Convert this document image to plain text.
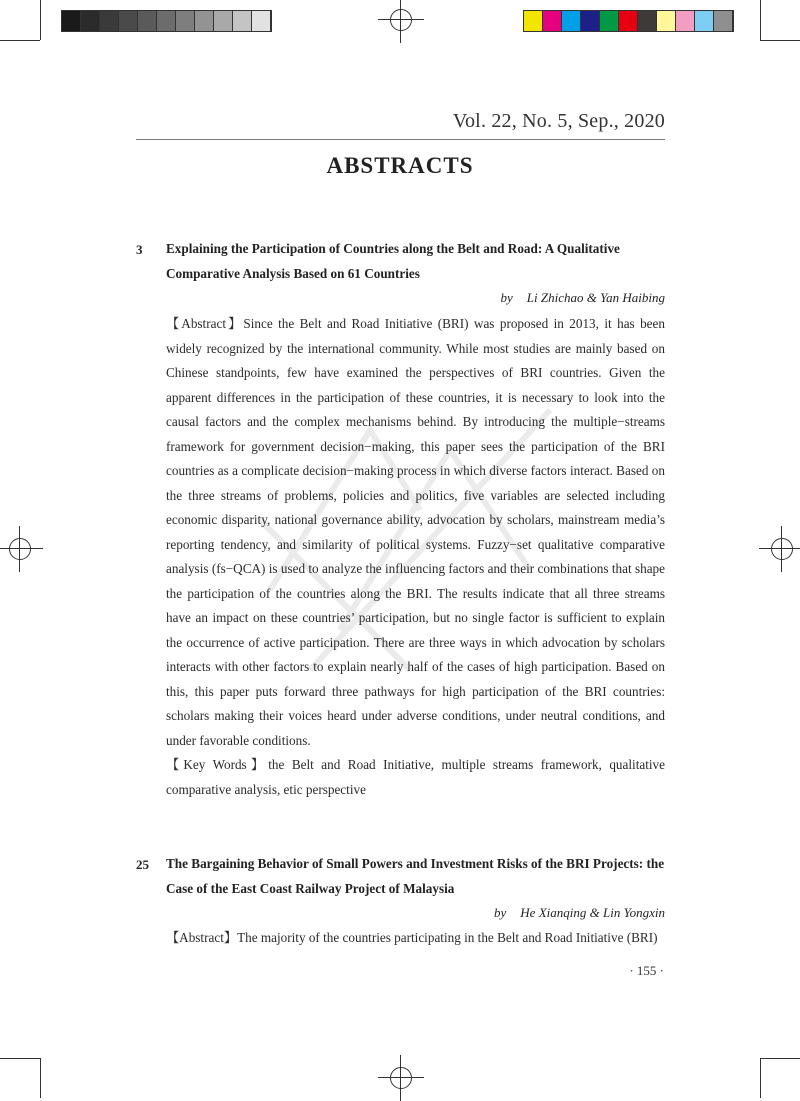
Vol. 22, No. 5, Sep., 2020
ABSTRACTS
3 Explaining the Participation of Countries along the Belt and Road: A Qualitative Comparative Analysis Based on 61 Countries
by Li Zhichao & Yan Haibing
【Abstract】Since the Belt and Road Initiative (BRI) was proposed in 2013, it has been widely recognized by the international community. While most studies are mainly based on Chinese standpoints, few have examined the perspectives of BRI countries. Given the apparent differences in the participation of these countries, it is necessary to look into the causal factors and the complex mechanisms behind. By introducing the multiple−streams framework for government decision−making, this paper sees the participation of the BRI countries as a complicate decision−making process in which diverse factors interact. Based on the three streams of problems, policies and politics, five variables are selected including economic disparity, national governance ability, advocation by scholars, mainstream media’s reporting tendency, and similarity of political systems. Fuzzy−set qualitative comparative analysis (fs−QCA) is used to analyze the influencing factors and their combinations that shape the participation of the countries along the BRI. The results indicate that all three streams have an impact on these countries’ participation, but no single factor is sufficient to explain the occurrence of active participation. There are three ways in which advocation by scholars interacts with other factors to explain nearly half of the cases of high participation. Based on this, this paper puts forward three pathways for high participation of the BRI countries: scholars making their voices heard under adverse conditions, under neutral conditions, and under favorable conditions.
【Key Words】the Belt and Road Initiative, multiple streams framework, qualitative comparative analysis, etic perspective
25 The Bargaining Behavior of Small Powers and Investment Risks of the BRI Projects: the Case of the East Coast Railway Project of Malaysia
by He Xianqing & Lin Yongxin
【Abstract】The majority of the countries participating in the Belt and Road Initiative (BRI)
· 155 ·
